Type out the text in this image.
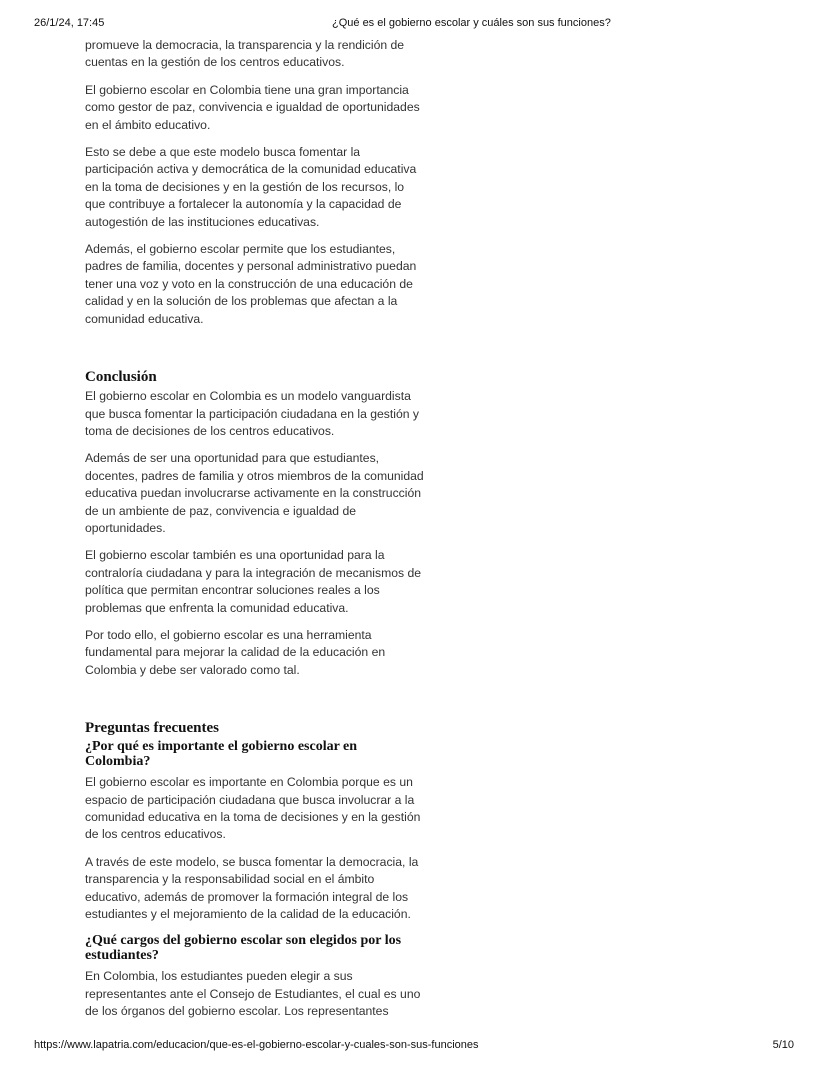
26/1/24, 17:45	¿Qué es el gobierno escolar y cuáles son sus funciones?

promueve la democracia, la transparencia y la rendición de cuentas en la gestión de los centros educativos.

El gobierno escolar en Colombia tiene una gran importancia como gestor de paz, convivencia e igualdad de oportunidades en el ámbito educativo.

Esto se debe a que este modelo busca fomentar la participación activa y democrática de la comunidad educativa en la toma de decisiones y en la gestión de los recursos, lo que contribuye a fortalecer la autonomía y la capacidad de autogestión de las instituciones educativas.

Además, el gobierno escolar permite que los estudiantes, padres de familia, docentes y personal administrativo puedan tener una voz y voto en la construcción de una educación de calidad y en la solución de los problemas que afectan a la comunidad educativa.

Conclusión

El gobierno escolar en Colombia es un modelo vanguardista que busca fomentar la participación ciudadana en la gestión y toma de decisiones de los centros educativos.

Además de ser una oportunidad para que estudiantes, docentes, padres de familia y otros miembros de la comunidad educativa puedan involucrarse activamente en la construcción de un ambiente de paz, convivencia e igualdad de oportunidades.

El gobierno escolar también es una oportunidad para la contraloría ciudadana y para la integración de mecanismos de política que permitan encontrar soluciones reales a los problemas que enfrenta la comunidad educativa.

Por todo ello, el gobierno escolar es una herramienta fundamental para mejorar la calidad de la educación en Colombia y debe ser valorado como tal.

Preguntas frecuentes
¿Por qué es importante el gobierno escolar en Colombia?

El gobierno escolar es importante en Colombia porque es un espacio de participación ciudadana que busca involucrar a la comunidad educativa en la toma de decisiones y en la gestión de los centros educativos.

A través de este modelo, se busca fomentar la democracia, la transparencia y la responsabilidad social en el ámbito educativo, además de promover la formación integral de los estudiantes y el mejoramiento de la calidad de la educación.

¿Qué cargos del gobierno escolar son elegidos por los estudiantes?

En Colombia, los estudiantes pueden elegir a sus representantes ante el Consejo de Estudiantes, el cual es uno de los órganos del gobierno escolar. Los representantes

https://www.lapatria.com/educacion/que-es-el-gobierno-escolar-y-cuales-son-sus-funciones	5/10
